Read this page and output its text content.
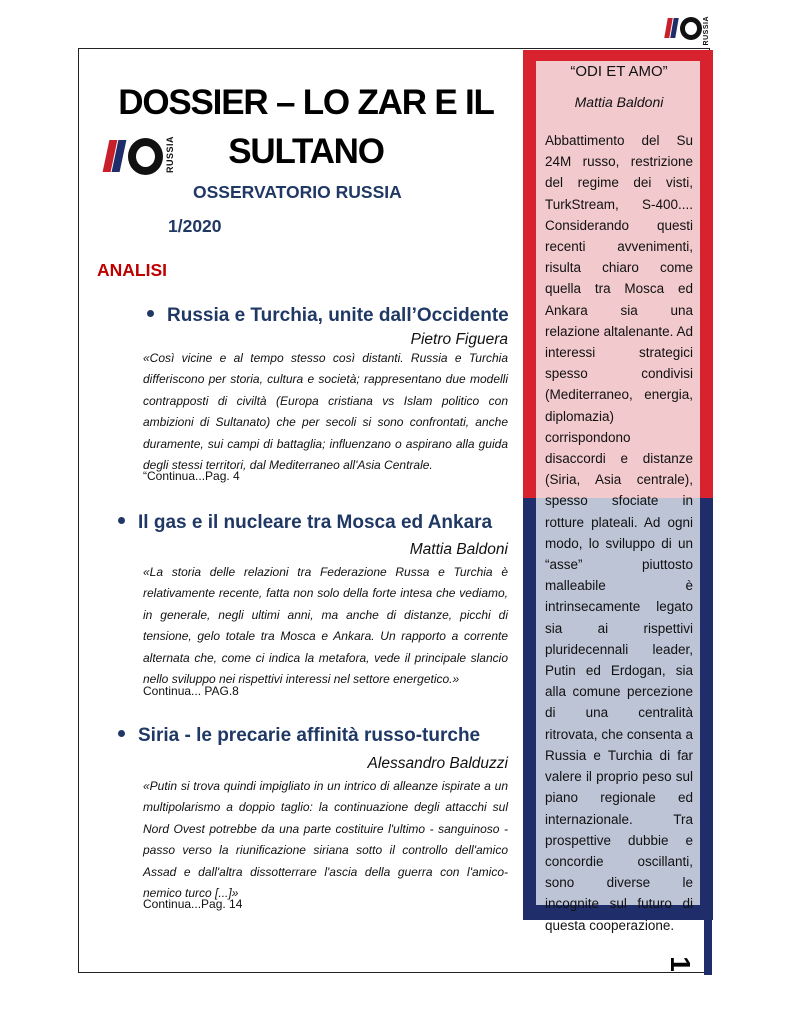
RUSSIA
DOSSIER – LO ZAR E IL SULTANO
RUSSIA
OSSERVATORIO RUSSIA
1/2020
ANALISI
Russia e Turchia, unite dall’Occidente
Pietro Figuera
«Così vicine e al tempo stesso così distanti. Russia e Turchia differiscono per storia, cultura e società; rappresentano due modelli contrapposti di civiltà (Europa cristiana vs Islam politico con ambizioni di Sultanato) che per secoli si sono confrontati, anche duramente, sui campi di battaglia; influenzano o aspirano alla guida degli stessi territori, dal Mediterraneo all'Asia Centrale.
“Continua...Pag. 4
Il gas e il nucleare tra Mosca ed Ankara
Mattia Baldoni
«La storia delle relazioni tra Federazione Russa e Turchia è relativamente recente, fatta non solo della forte intesa che vediamo, in generale, negli ultimi anni, ma anche di distanze, picchi di tensione, gelo totale tra Mosca e Ankara. Un rapporto a corrente alternata che, come ci indica la metafora, vede il principale slancio nello sviluppo nei rispettivi interessi nel settore energetico.»
Continua... PAG.8
Siria - le precarie affinità russo-turche
Alessandro Balduzzi
«Putin si trova quindi impigliato in un intrico di alleanze ispirate a un multipolarismo a doppio taglio: la continuazione degli attacchi sul Nord Ovest potrebbe da una parte costituire l'ultimo - sanguinoso - passo verso la riunificazione siriana sotto il controllo dell'amico Assad e dall'altra dissotterrare l'ascia della guerra con l'amico-nemico turco [...]»
Continua...Pag. 14
“ODI ET AMO”
Mattia Baldoni
Abbattimento del Su 24M russo, restrizione del regime dei visti, TurkStream, S-400.... Considerando questi recenti avvenimenti, risulta chiaro come quella tra Mosca ed Ankara sia una relazione altalenante. Ad interessi strategici spesso condivisi (Mediterraneo, energia, diplomazia) corrispondono disaccordi e distanze (Siria, Asia centrale), spesso sfociate in rotture plateali. Ad ogni modo, lo sviluppo di un “asse” piuttosto malleabile è intrinsecamente legato sia ai rispettivi pluridecennali leader, Putin ed Erdogan, sia alla comune percezione di una centralità ritrovata, che consenta a Russia e Turchia di far valere il proprio peso sul piano regionale ed internazionale. Tra prospettive dubbie e concordie oscillanti, sono diverse le incognite sul futuro di questa cooperazione.
1
